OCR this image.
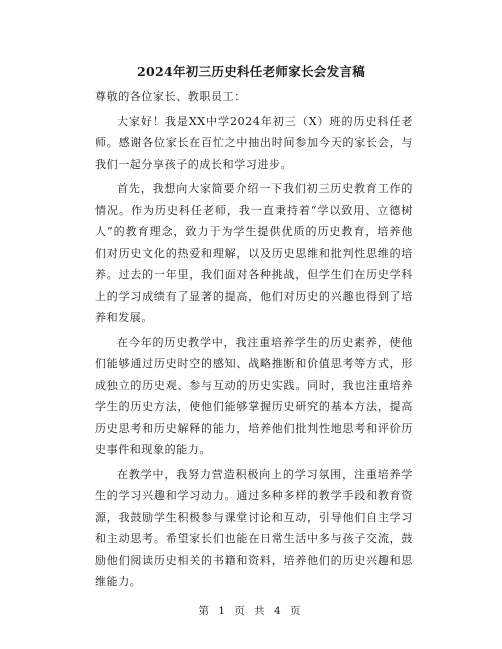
2024年初三历史科任老师家长会发言稿

尊敬的各位家长、教职员工：

大家好！我是XX中学2024年初三（X）班的历史科任老师。感谢各位家长在百忙之中抽出时间参加今天的家长会，与我们一起分享孩子的成长和学习进步。

首先，我想向大家简要介绍一下我们初三历史教育工作的情况。作为历史科任老师，我一直秉持着“学以致用、立德树人”的教育理念，致力于为学生提供优质的历史教育，培养他们对历史文化的热爱和理解，以及历史思维和批判性思维的培养。过去的一年里，我们面对各种挑战，但学生们在历史学科上的学习成绩有了显著的提高，他们对历史的兴趣也得到了培养和发展。

在今年的历史教学中，我注重培养学生的历史素养，使他们能够通过历史时空的感知、战略推断和价值思考等方式，形成独立的历史观、参与互动的历史实践。同时，我也注重培养学生的历史方法，使他们能够掌握历史研究的基本方法，提高历史思考和历史解释的能力，培养他们批判性地思考和评价历史事件和现象的能力。

在教学中，我努力营造积极向上的学习氛围，注重培养学生的学习兴趣和学习动力。通过多种多样的教学手段和教育资源，我鼓励学生积极参与课堂讨论和互动，引导他们自主学习和主动思考。希望家长们也能在日常生活中多与孩子交流，鼓励他们阅读历史相关的书籍和资料，培养他们的历史兴趣和思维能力。

第 1 页 共 4 页
